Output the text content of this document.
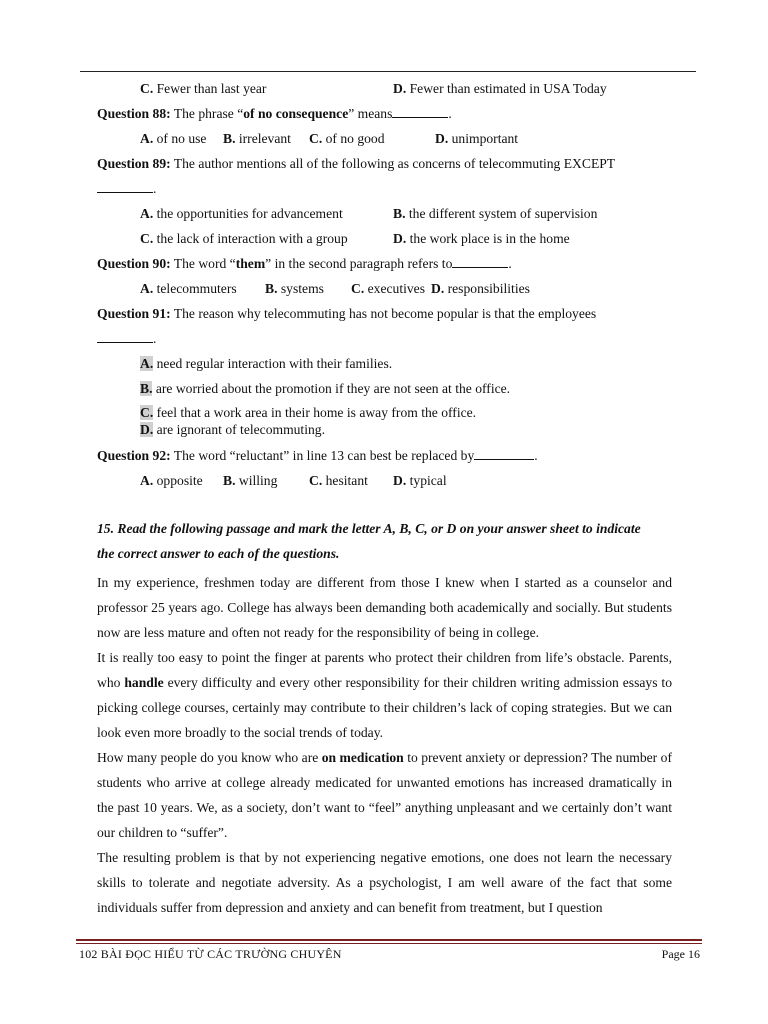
C. Fewer than last year	D. Fewer than estimated in USA Today
Question 88: The phrase “of no consequence” means	.
A. of no use B. irrelevant C. of no good	D. unimportant
Question 89: The author mentions all of the following as concerns of telecommuting EXCEPT
.
A. the opportunities for advancement	B. the different system of supervision
C. the lack of interaction with a group	D. the work place is in the home
Question 90: The word “them” in the second paragraph refers to	.
A. telecommuters B. systems C. executives D. responsibilities
Question 91: The reason why telecommuting has not become popular is that the employees
.
A. need regular interaction with their families.
B. are worried about the promotion if they are not seen at the office.
C. feel that a work area in their home is away from the office.
D. are ignorant of telecommuting.
Question 92: The word “reluctant” in line 13 can best be replaced by	.
A. opposite B. willing C. hesitant D. typical
15. Read the following passage and mark the letter A, B, C, or D on your answer sheet to indicate
the correct answer to each of the questions.

In my experience, freshmen today are different from those I knew when I started as a counselor and professor 25 years ago. College has always been demanding both academically and socially. But students now are less mature and often not ready for the responsibility of being in college.

It is really too easy to point the finger at parents who protect their children from life’s obstacle. Parents, who handle every difficulty and every other responsibility for their children writing admission essays to picking college courses, certainly may contribute to their children’s lack of coping strategies. But we can look even more broadly to the social trends of today.

How many people do you know who are on medication to prevent anxiety or depression? The number of students who arrive at college already medicated for unwanted emotions has increased dramatically in the past 10 years. We, as a society, don’t want to “feel” anything unpleasant and we certainly don’t want our children to “suffer”.

The resulting problem is that by not experiencing negative emotions, one does not learn the necessary skills to tolerate and negotiate adversity. As a psychologist, I am well aware of the fact that some individuals suffer from depression and anxiety and can benefit from treatment, but I question

102 BÀI ĐỌC HIỂU TỪ CÁC TRƯỜNG CHUYÊN	Page 16
